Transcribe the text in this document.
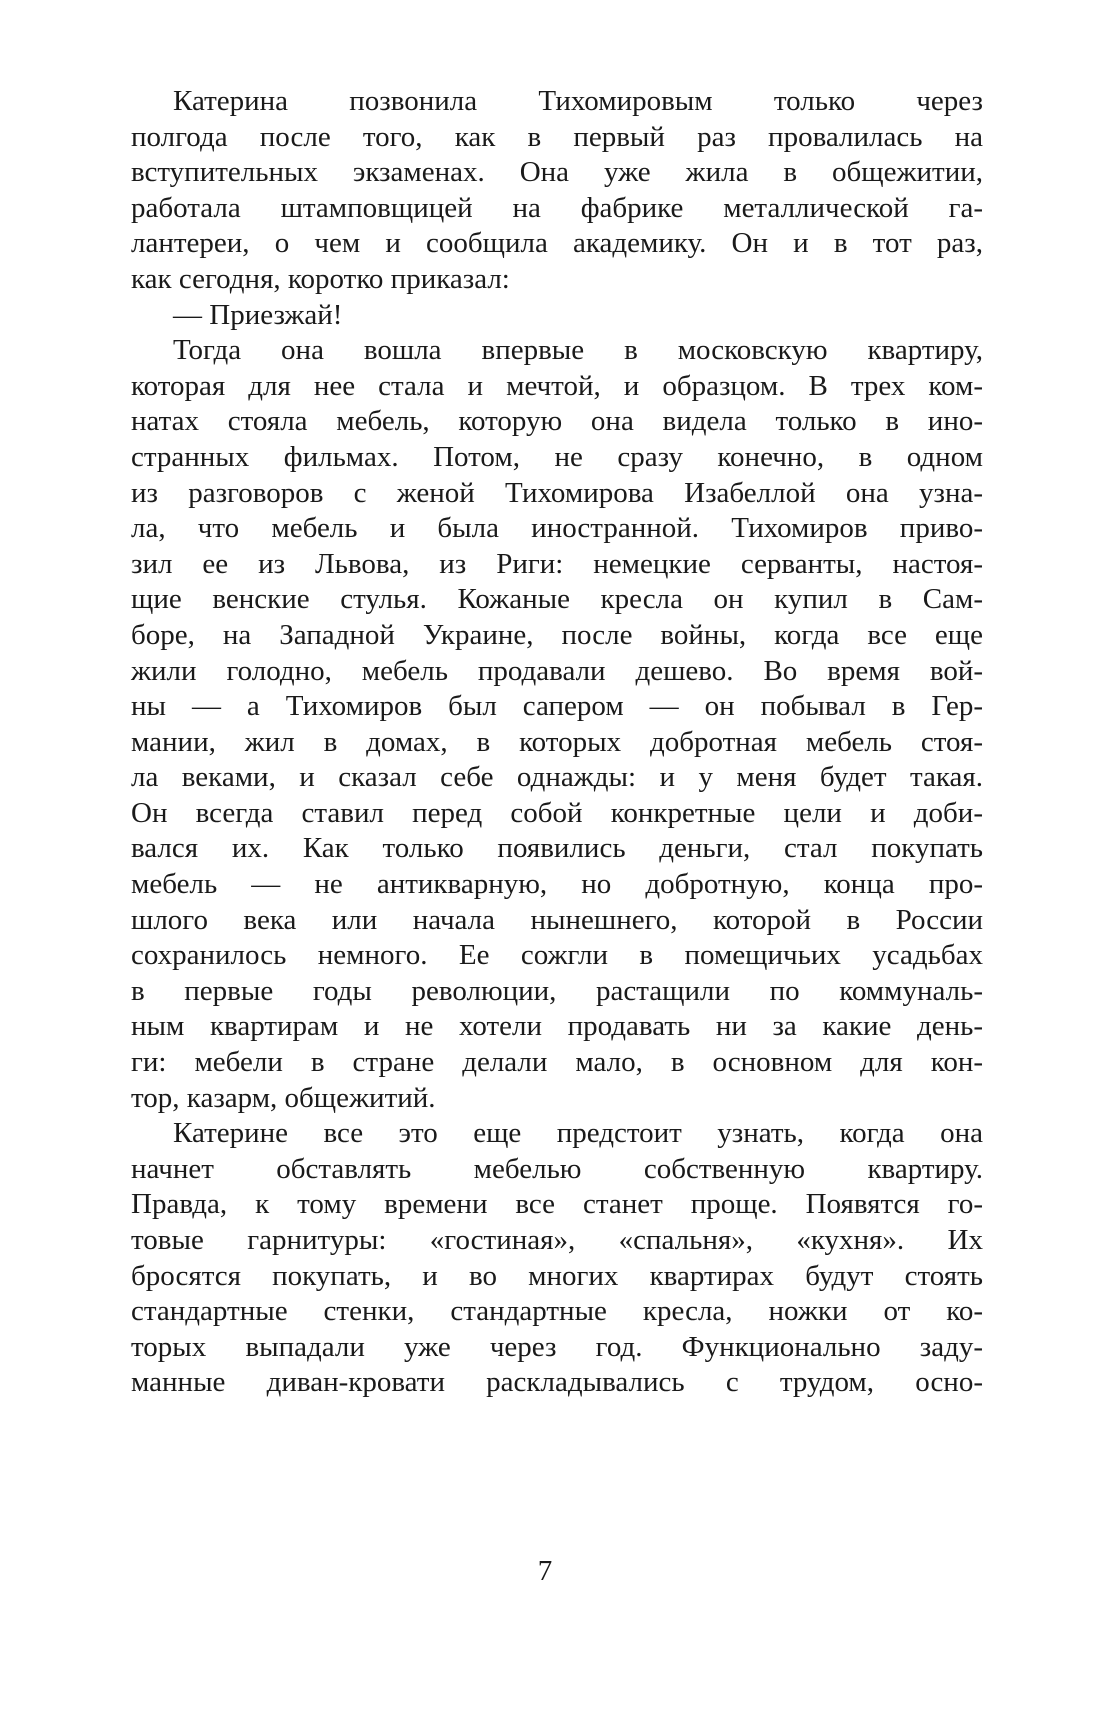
Катерина позвонила Тихомировым только через
полгода после того, как в первый раз провалилась на
вступительных экзаменах. Она уже жила в общежитии,
работала штамповщицей на фабрике металлической га-
лантереи, о чем и сообщила академику. Он и в тот раз,
как сегодня, коротко приказал:
— Приезжай!
Тогда она вошла впервые в московскую квартиру,
которая для нее стала и мечтой, и образцом. В трех ком-
натах стояла мебель, которую она видела только в ино-
странных фильмах. Потом, не сразу конечно, в одном
из разговоров с женой Тихомирова Изабеллой она узна-
ла, что мебель и была иностранной. Тихомиров приво-
зил ее из Львова, из Риги: немецкие серванты, настоя-
щие венские стулья. Кожаные кресла он купил в Сам-
боре, на Западной Украине, после войны, когда все еще
жили голодно, мебель продавали дешево. Во время вой-
ны — а Тихомиров был сапером — он побывал в Гер-
мании, жил в домах, в которых добротная мебель стоя-
ла веками, и сказал себе однажды: и у меня будет такая.
Он всегда ставил перед собой конкретные цели и доби-
вался их. Как только появились деньги, стал покупать
мебель — не антикварную, но добротную, конца про-
шлого века или начала нынешнего, которой в России
сохранилось немного. Ее сожгли в помещичьих усадьбах
в первые годы революции, растащили по коммуналь-
ным квартирам и не хотели продавать ни за какие день-
ги: мебели в стране делали мало, в основном для кон-
тор, казарм, общежитий.
Катерине все это еще предстоит узнать, когда она
начнет обставлять мебелью собственную квартиру.
Правда, к тому времени все станет проще. Появятся го-
товые гарнитуры: «гостиная», «спальня», «кухня». Их
бросятся покупать, и во многих квартирах будут стоять
стандартные стенки, стандартные кресла, ножки от ко-
торых выпадали уже через год. Функционально заду-
манные диван-кровати раскладывались с трудом, осно-
7
